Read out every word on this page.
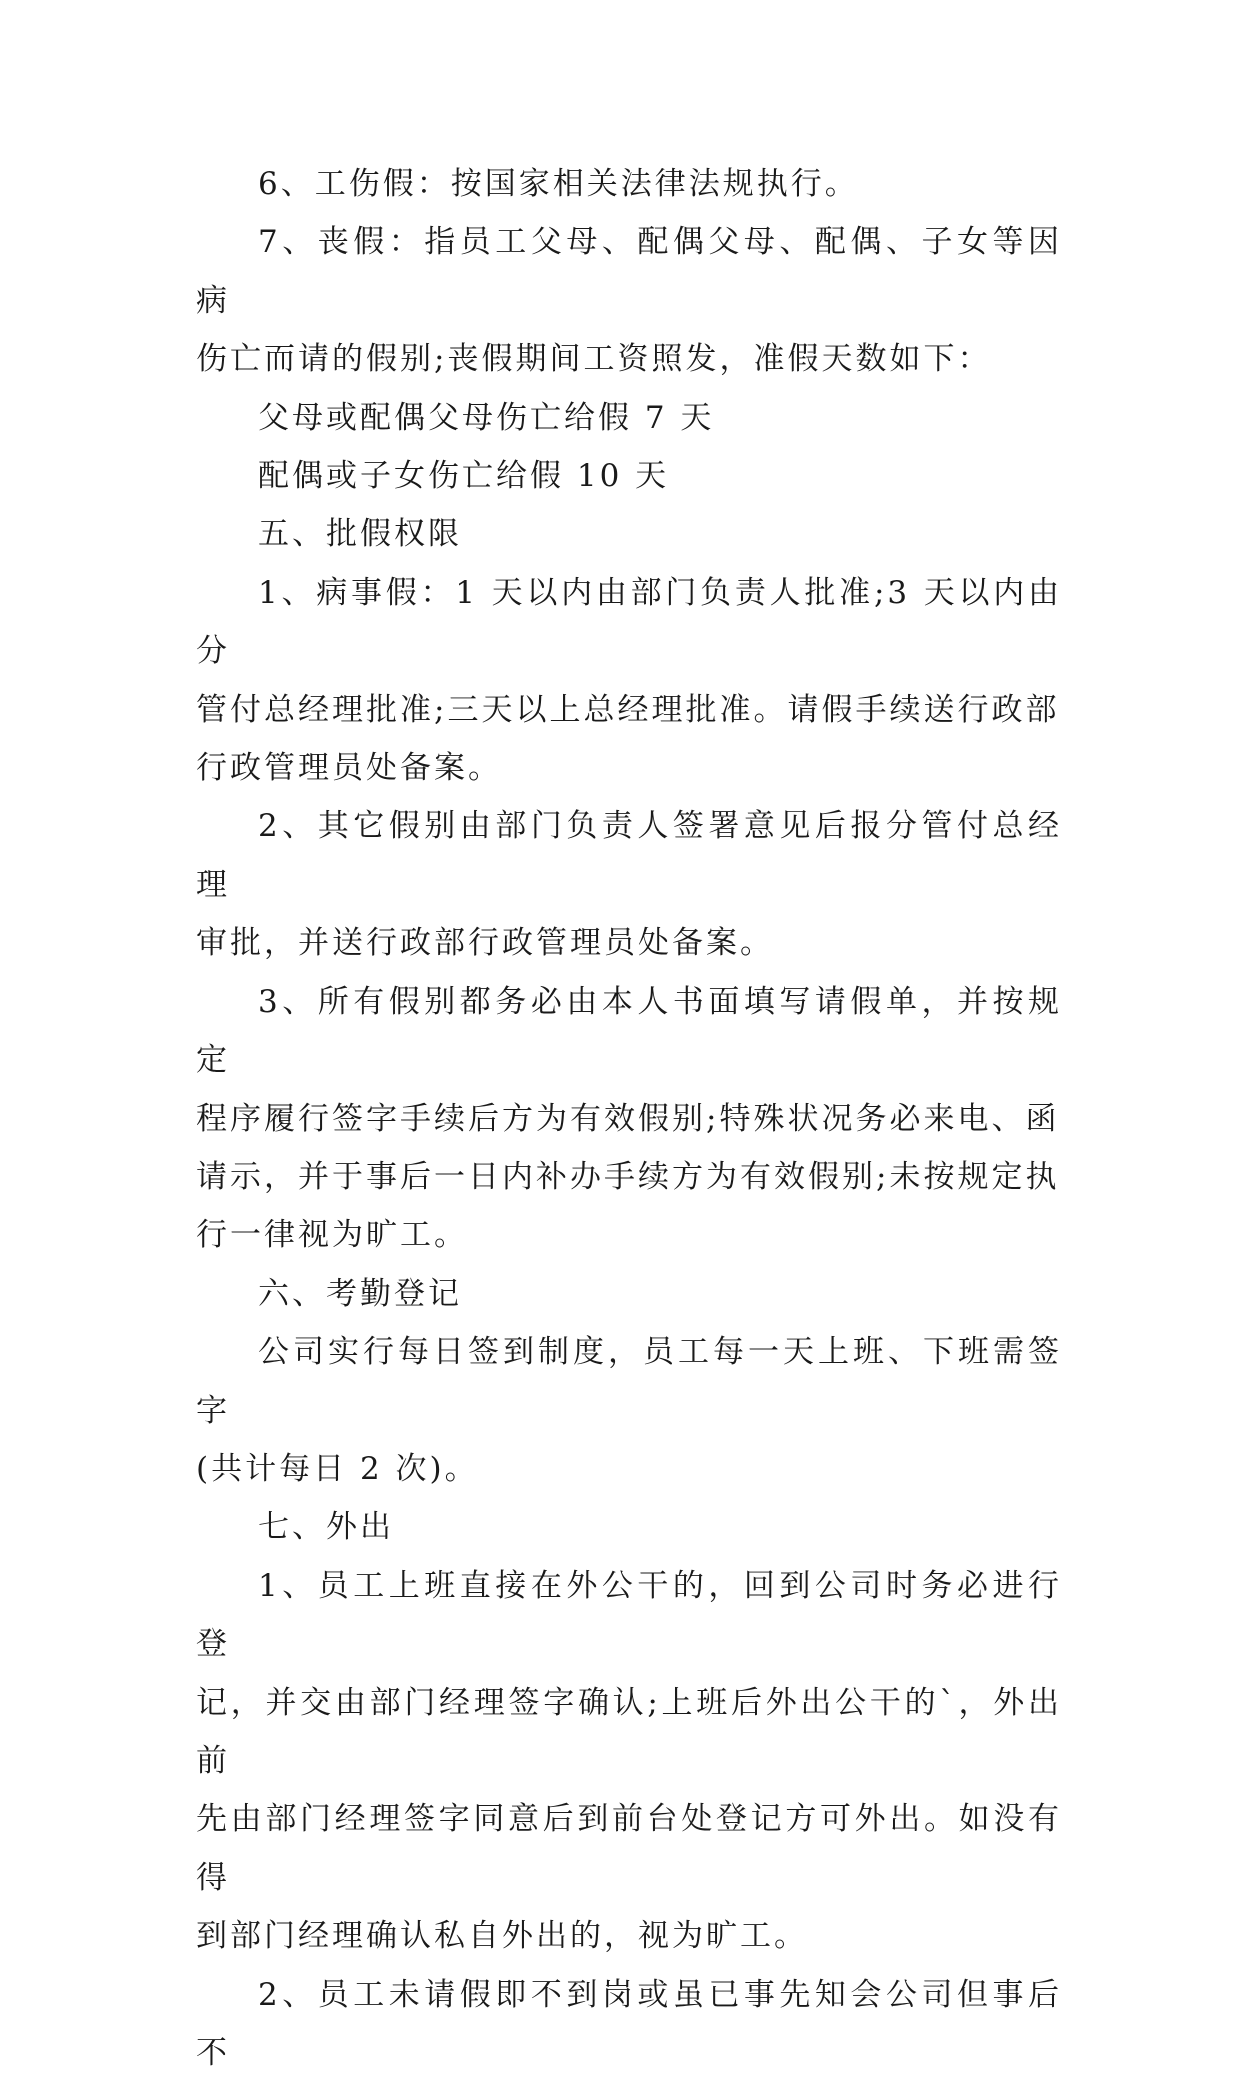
6、工伤假：按国家相关法律法规执行。

7、丧假：指员工父母、配偶父母、配偶、子女等因病
伤亡而请的假别;丧假期间工资照发，准假天数如下：

父母或配偶父母伤亡给假 7 天

配偶或子女伤亡给假 10 天

五、批假权限

1、病事假：1 天以内由部门负责人批准;3 天以内由分
管付总经理批准;三天以上总经理批准。请假手续送行政部
行政管理员处备案。

2、其它假别由部门负责人签署意见后报分管付总经理
审批，并送行政部行政管理员处备案。

3、所有假别都务必由本人书面填写请假单，并按规定
程序履行签字手续后方为有效假别;特殊状况务必来电、函
请示，并于事后一日内补办手续方为有效假别;未按规定执
行一律视为旷工。

六、考勤登记

公司实行每日签到制度，员工每一天上班、下班需签字
(共计每日 2 次)。

七、外出

1、员工上班直接在外公干的，回到公司时务必进行登
记，并交由部门经理签字确认;上班后外出公干的`，外出前
先由部门经理签字同意后到前台处登记方可外出。如没有得
到部门经理确认私自外出的，视为旷工。

2、员工未请假即不到岗或虽已事先知会公司但事后不
